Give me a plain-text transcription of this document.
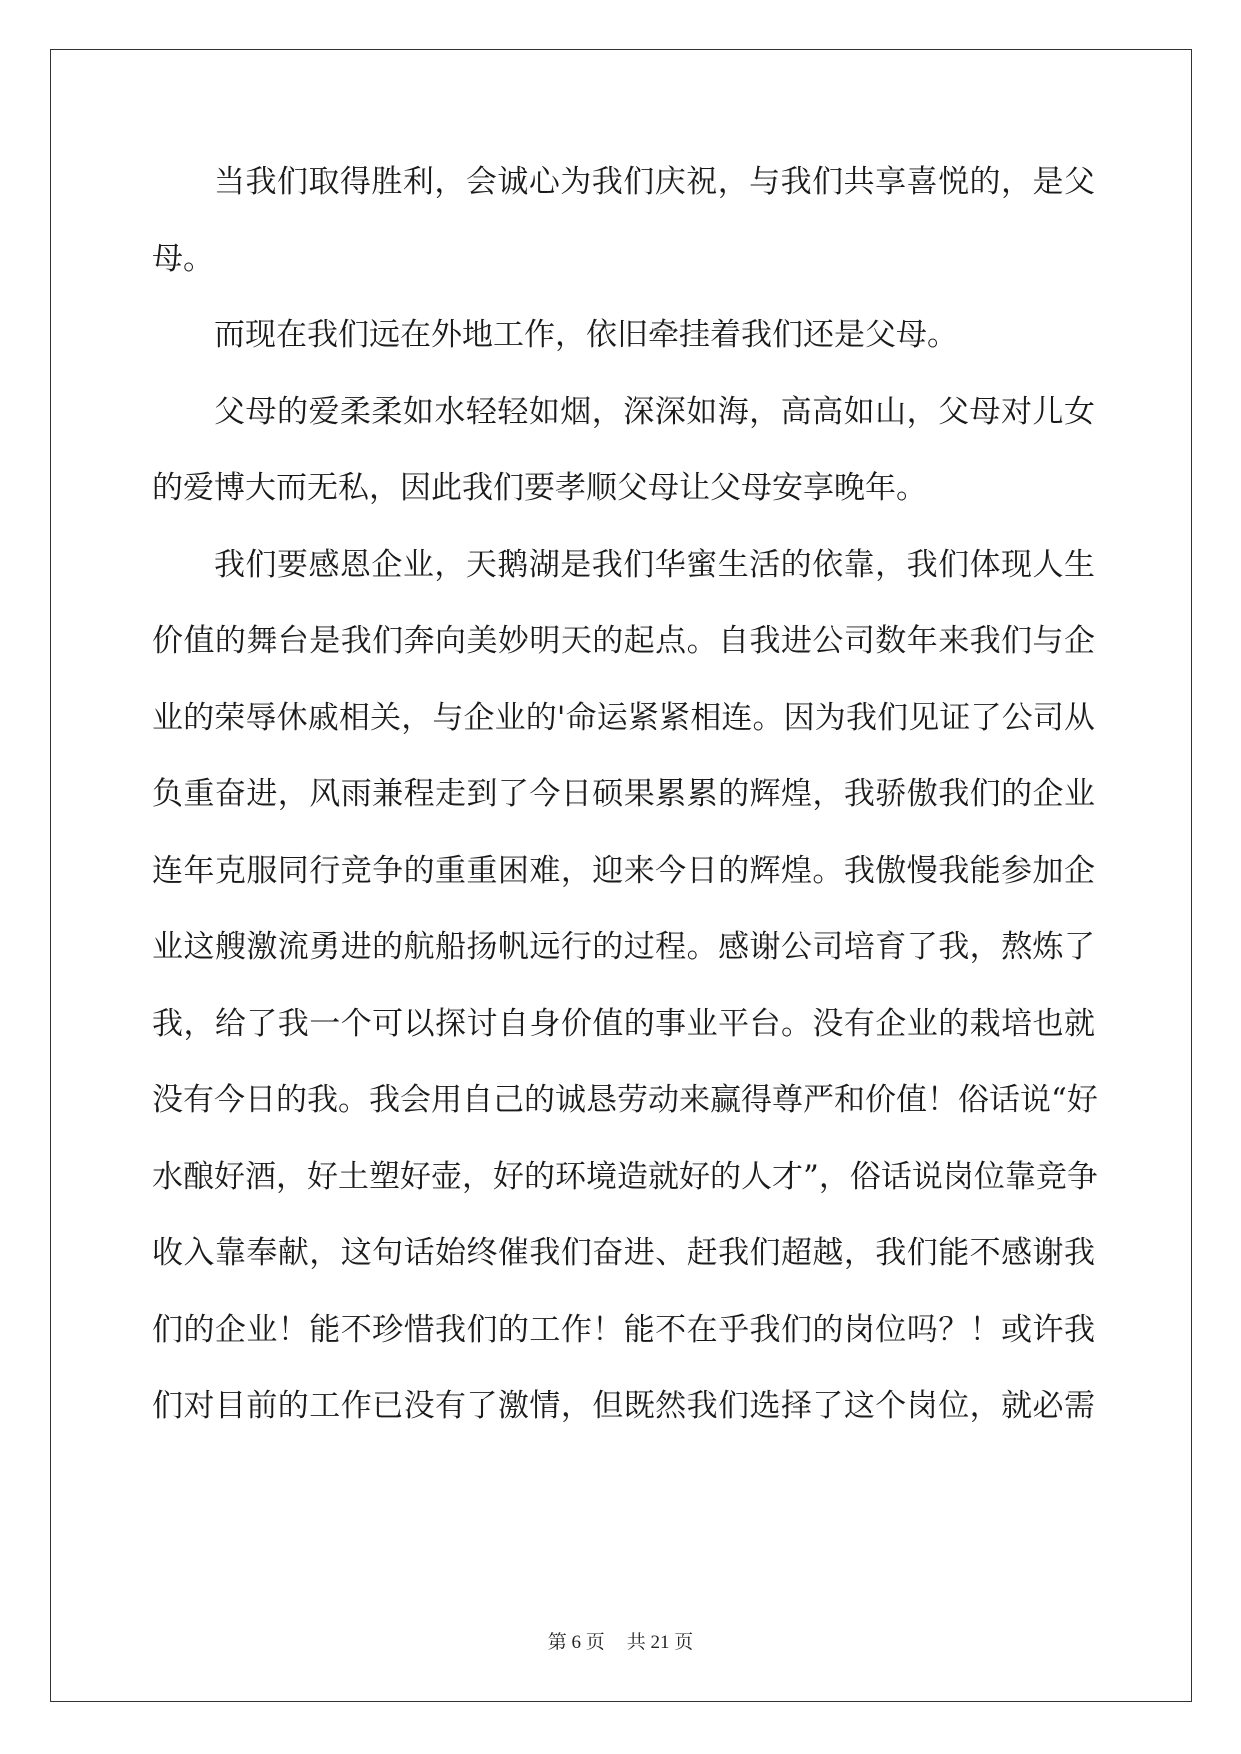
当我们取得胜利，会诚心为我们庆祝，与我们共享喜悦的，是父
母。
而现在我们远在外地工作，依旧牵挂着我们还是父母。
父母的爱柔柔如水轻轻如烟，深深如海，高高如山，父母对儿女
的爱博大而无私，因此我们要孝顺父母让父母安享晚年。
我们要感恩企业，天鹅湖是我们华蜜生活的依靠，我们体现人生
价值的舞台是我们奔向美妙明天的起点。自我进公司数年来我们与企
业的荣辱休戚相关，与企业的'命运紧紧相连。因为我们见证了公司从
负重奋进，风雨兼程走到了今日硕果累累的辉煌，我骄傲我们的企业
连年克服同行竞争的重重困难，迎来今日的辉煌。我傲慢我能参加企
业这艘激流勇进的航船扬帆远行的过程。感谢公司培育了我，熬炼了
我，给了我一个可以探讨自身价值的事业平台。没有企业的栽培也就
没有今日的我。我会用自己的诚恳劳动来赢得尊严和价值！俗话说“好
水酿好酒，好土塑好壶，好的环境造就好的人才”，俗话说岗位靠竞争
收入靠奉献，这句话始终催我们奋进、赶我们超越，我们能不感谢我
们的企业！能不珍惜我们的工作！能不在乎我们的岗位吗？！或许我
们对目前的工作已没有了激情，但既然我们选择了这个岗位，就必需
第 6 页 共 21 页
